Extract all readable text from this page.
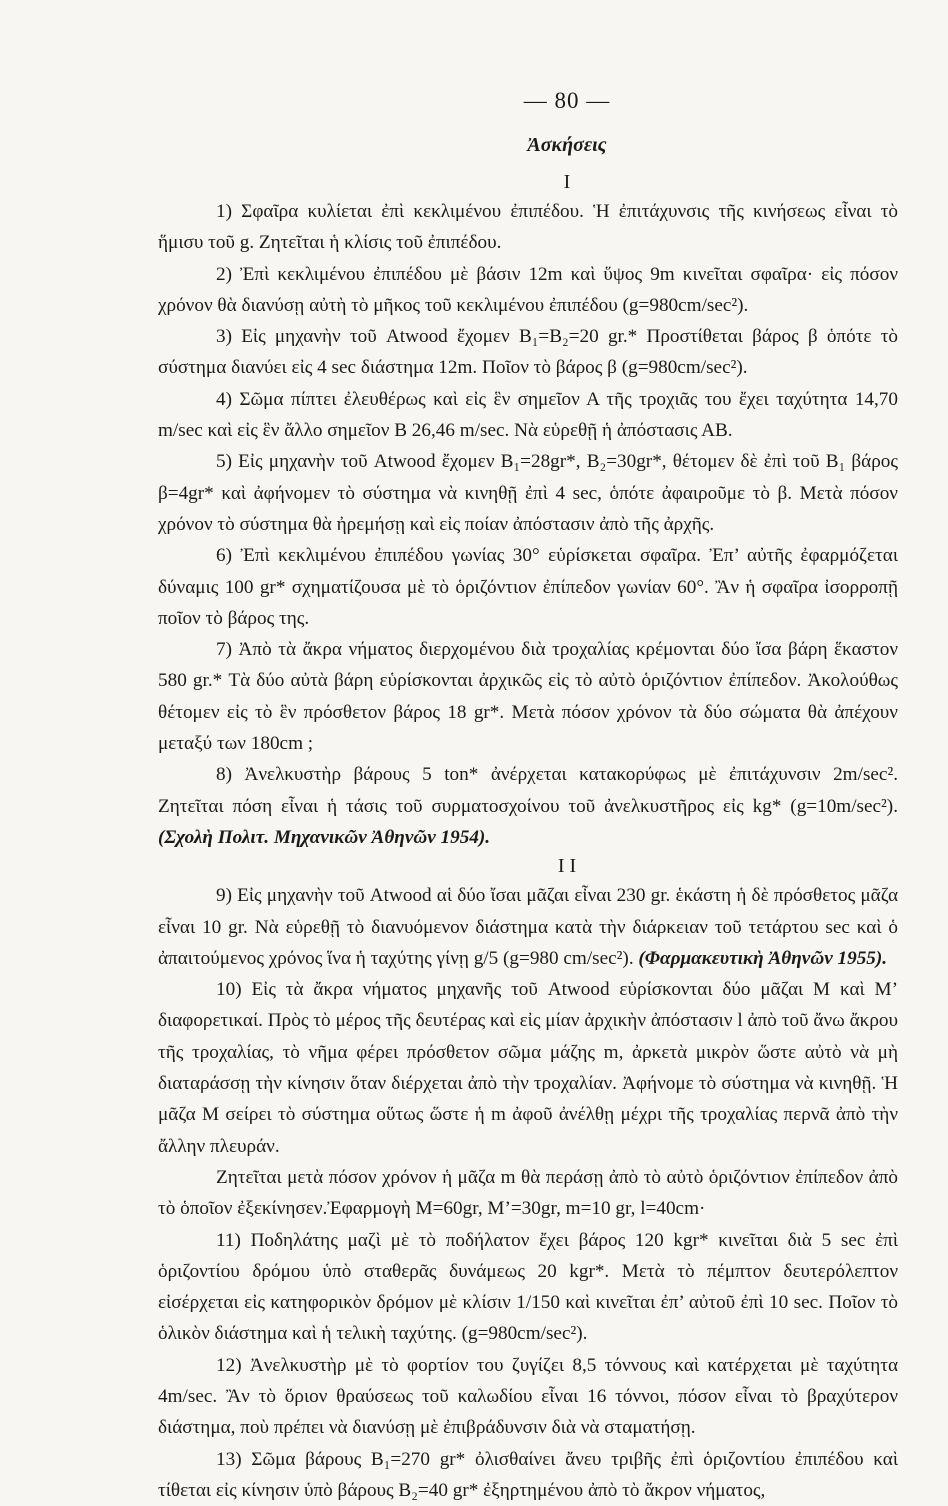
— 80 —
Ἀσκήσεις
I

1) Σφαῖρα κυλίεται ἐπὶ κεκλιμένου ἐπιπέδου. Ἡ ἐπιτάχυνσις τῆς κινήσεως εἶναι τὸ ἥμισυ τοῦ g. Ζητεῖται ἡ κλίσις τοῦ ἐπιπέδου.

2) Ἐπὶ κεκλιμένου ἐπιπέδου μὲ βάσιν 12m καὶ ὕψος 9m κινεῖται σφαῖρα· εἰς πόσον χρόνον θὰ διανύσῃ αὐτὴ τὸ μῆκος τοῦ κεκλιμένου ἐπιπέδου (g=980cm/sec²).

3) Εἰς μηχανὴν τοῦ Atwood ἔχομεν Β₁=Β₂=20 gr.* Προστίθεται βάρος β ὁπότε τὸ σύστημα διανύει εἰς 4 sec διάστημα 12m. Ποῖον τὸ βάρος β (g=980cm/sec²).

4) Σῶμα πίπτει ἐλευθέρως καὶ εἰς ἓν σημεῖον Α τῆς τροχιᾶς του ἔχει ταχύτητα 14,70 m/sec καὶ εἰς ἓν ἄλλο σημεῖον Β 26,46 m/sec. Νὰ εὑρεθῇ ἡ ἀπόστασις ΑΒ.

5) Εἰς μηχανὴν τοῦ Atwood ἔχομεν Β₁=28gr*, Β₂=30gr*, θέτομεν δὲ ἐπὶ τοῦ Β₁ βάρος β=4gr* καὶ ἀφήνομεν τὸ σύστημα νὰ κινηθῇ ἐπὶ 4 sec, ὁπότε ἀφαιροῦμε τὸ β. Μετὰ πόσον χρόνον τὸ σύστημα θὰ ἠρεμήσῃ καὶ εἰς ποίαν ἀπόστασιν ἀπὸ τῆς ἀρχῆς.

6) Ἐπὶ κεκλιμένου ἐπιπέδου γωνίας 30° εὑρίσκεται σφαῖρα. Ἐπ’ αὐτῆς ἐφαρμόζεται δύναμις 100 gr* σχηματίζουσα μὲ τὸ ὁριζόντιον ἐπίπεδον γωνίαν 60°. Ἂν ἡ σφαῖρα ἰσορροπῇ ποῖον τὸ βάρος της.

7) Ἀπὸ τὰ ἄκρα νήματος διερχομένου διὰ τροχαλίας κρέμονται δύο ἴσα βάρη ἕκαστον 580 gr.* Τὰ δύο αὐτὰ βάρη εὑρίσκονται ἀρχικῶς εἰς τὸ αὐτὸ ὁριζόντιον ἐπίπεδον. Ἀκολούθως θέτομεν εἰς τὸ ἓν πρόσθετον βάρος 18 gr*. Μετὰ πόσον χρόνον τὰ δύο σώματα θὰ ἀπέχουν μεταξύ των 180cm ;

8) Ἀνελκυστὴρ βάρους 5 ton* ἀνέρχεται κατακορύφως μὲ ἐπιτάχυνσιν 2m/sec². Ζητεῖται πόση εἶναι ἡ τάσις τοῦ συρματοσχοίνου τοῦ ἀνελκυστῆρος εἰς kg* (g=10m/sec²). (Σχολὴ Πολιτ. Μηχανικῶν Ἀθηνῶν 1954).

I I

9) Εἰς μηχανὴν τοῦ Atwood αἱ δύο ἴσαι μᾶζαι εἶναι 230 gr. ἑκάστη ἡ δὲ πρόσθετος μᾶζα εἶναι 10 gr. Νὰ εὑρεθῇ τὸ διανυόμενον διάστημα κατὰ τὴν διάρκειαν τοῦ τετάρτου sec καὶ ὁ ἀπαιτούμενος χρόνος ἵνα ἡ ταχύτης γίνῃ g/5 (g=980 cm/sec²). (Φαρμακευτικὴ Ἀθηνῶν 1955).

10) Εἰς τὰ ἄκρα νήματος μηχανῆς τοῦ Atwood εὑρίσκονται δύο μᾶζαι Μ καὶ Μ’ διαφορετικαί. Πρὸς τὸ μέρος τῆς δευτέρας καὶ εἰς μίαν ἀρχικὴν ἀπόστασιν l ἀπὸ τοῦ ἄνω ἄκρου τῆς τροχαλίας, τὸ νῆμα φέρει πρόσθετον σῶμα μάζης m, ἀρκετὰ μικρὸν ὥστε αὐτὸ νὰ μὴ διαταράσσῃ τὴν κίνησιν ὅταν διέρχεται ἀπὸ τὴν τροχαλίαν. Ἀφήνομε τὸ σύστημα νὰ κινηθῇ. Ἡ μᾶζα Μ σείρει τὸ σύστημα οὕτως ὥστε ἡ m ἀφοῦ ἀνέλθῃ μέχρι τῆς τροχαλίας περνᾶ ἀπὸ τὴν ἄλλην πλευράν.

Ζητεῖται μετὰ πόσον χρόνον ἡ μᾶζα m θὰ περάσῃ ἀπὸ τὸ αὐτὸ ὁριζόντιον ἐπίπεδον ἀπὸ τὸ ὁποῖον ἐξεκίνησεν.Ἐφαρμογὴ Μ=60gr, Μ’=30gr, m=10 gr, l=40cm·

11) Ποδηλάτης μαζὶ μὲ τὸ ποδήλατον ἔχει βάρος 120 kgr* κινεῖται διὰ 5 sec ἐπὶ ὁριζοντίου δρόμου ὑπὸ σταθερᾶς δυνάμεως 20 kgr*. Μετὰ τὸ πέμπτον δευτερόλεπτον εἰσέρχεται εἰς κατηφορικὸν δρόμον μὲ κλίσιν 1/150 καὶ κινεῖται ἐπ’ αὐτοῦ ἐπὶ 10 sec. Ποῖον τὸ ὁλικὸν διάστημα καὶ ἡ τελικὴ ταχύτης. (g=980cm/sec²).

12) Ἀνελκυστὴρ μὲ τὸ φορτίον του ζυγίζει 8,5 τόννους καὶ κατέρχεται μὲ ταχύτητα 4m/sec. Ἂν τὸ ὅριον θραύσεως τοῦ καλωδίου εἶναι 16 τόννοι, πόσον εἶναι τὸ βραχύτερον διάστημα, ποὺ πρέπει νὰ διανύσῃ μὲ ἐπιβράδυνσιν διὰ νὰ σταματήσῃ.

13) Σῶμα βάρους Β₁=270 gr* ὀλισθαίνει ἄνευ τριβῆς ἐπὶ ὁριζοντίου ἐπιπέδου καὶ τίθεται εἰς κίνησιν ὑπὸ βάρους Β₂=40 gr* ἐξηρτημένου ἀπὸ τὸ ἄκρον νήματος,
